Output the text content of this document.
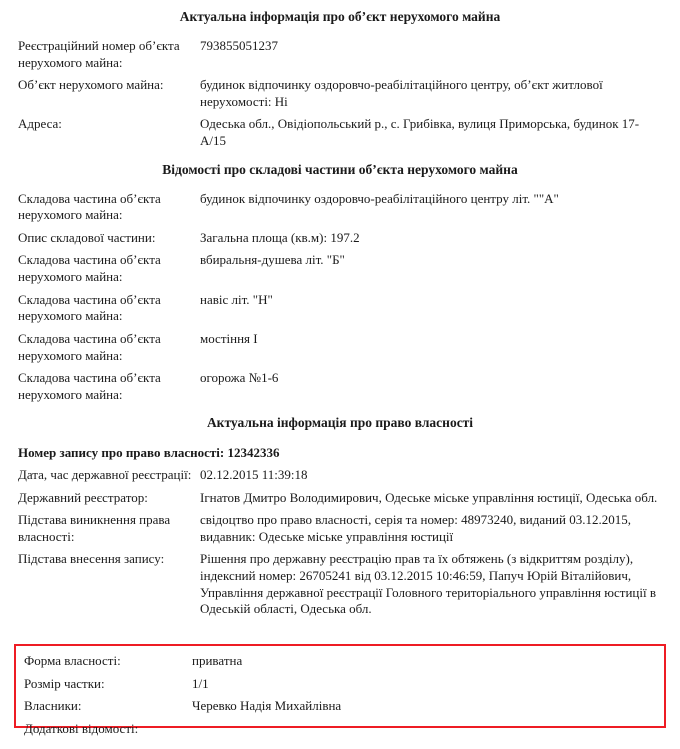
Актуальна інформація про об’єкт нерухомого майна
Реєстраційний номер об’єкта нерухомого майна:	793855051237
Об’єкт нерухомого майна:	будинок відпочинку оздоровчо-реабілітаційного центру, об’єкт житлової нерухомості: Ні
Адреса:	Одеська обл., Овідіопольський р., с. Грибівка, вулиця Приморська, будинок 17-А/15
Відомості про складові частини об’єкта нерухомого майна
Складова частина об’єкта нерухомого майна:	будинок відпочинку оздоровчо-реабілітаційного центру літ. ""А"
Опис складової частини:	Загальна площа (кв.м): 197.2
Складова частина об’єкта нерухомого майна:	вбиральня-душева літ. "Б"
Складова частина об’єкта нерухомого майна:	навіс літ. "Н"
Складова частина об’єкта нерухомого майна:	мостіння І
Складова частина об’єкта нерухомого майна:	огорожа №1-6
Актуальна інформація про право власності
Номер запису про право власності: 12342336
Дата, час державної реєстрації:	02.12.2015 11:39:18
Державний реєстратор:	Ігнатов Дмитро Володимирович, Одеське міське управління юстиції, Одеська обл.
Підстава виникнення права власності:	свідоцтво про право власності, серія та номер: 48973240, виданий 03.12.2015, видавник: Одеське міське управління юстиції
Підстава внесення запису:	Рішення про державну реєстрацію прав та їх обтяжень (з відкриттям розділу), індексний номер: 26705241 від 03.12.2015 10:46:59, Папуч Юрій Віталійович, Управління державної реєстрації Головного територіального управління юстиції в Одеській області, Одеська обл.
Форма власності:	приватна
Розмір частки:	1/1
Власники:	Черевко Надія Михайлівна
Додаткові відомості:	
